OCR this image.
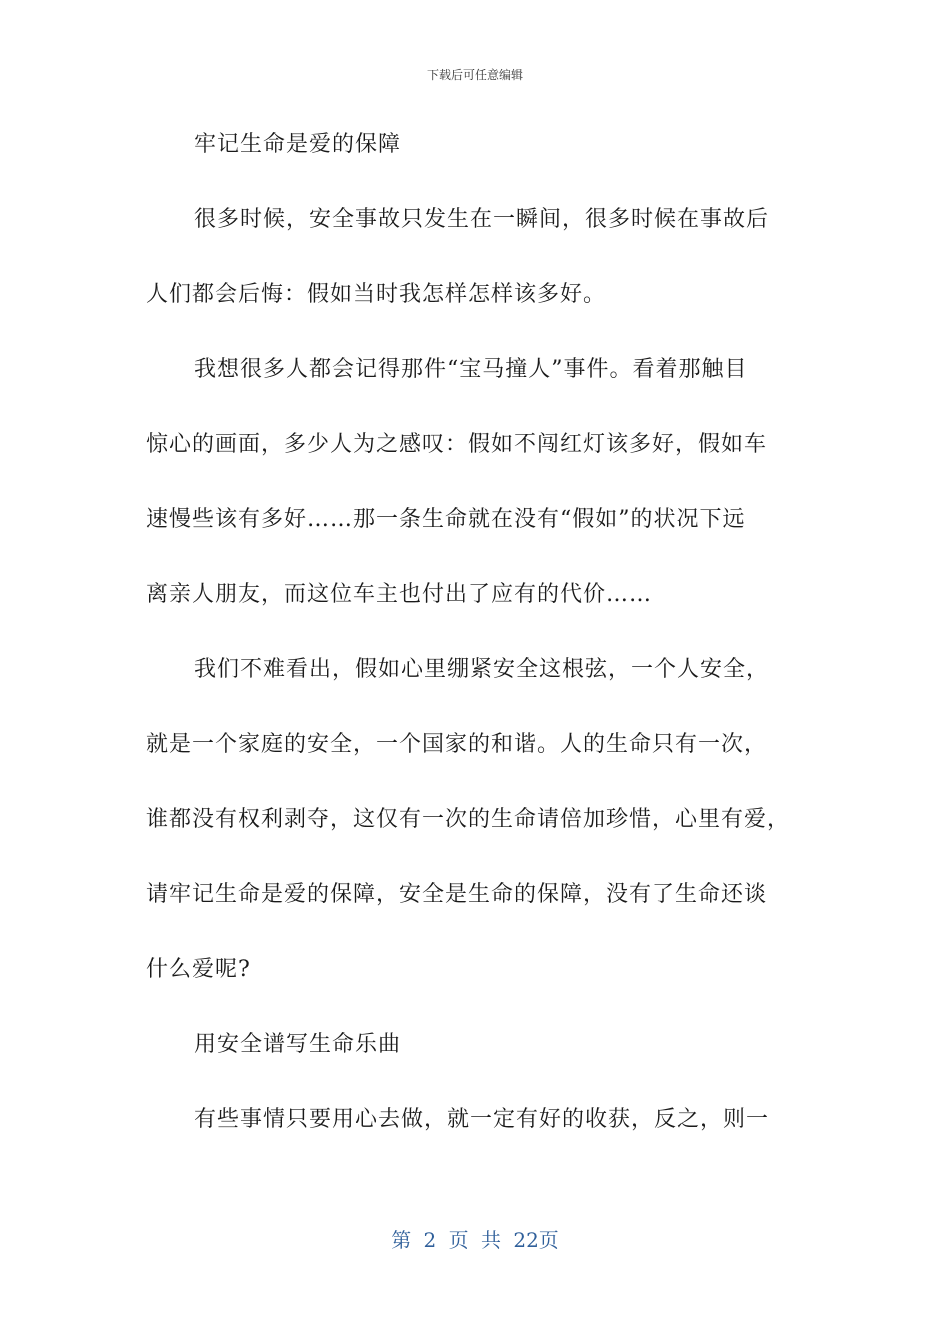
下载后可任意编辑
牢记生命是爱的保障
很多时候，安全事故只发生在一瞬间，很多时候在事故后
人们都会后悔：假如当时我怎样怎样该多好。
我想很多人都会记得那件“宝马撞人”事件。看着那触目
惊心的画面，多少人为之感叹：假如不闯红灯该多好，假如车
速慢些该有多好……那一条生命就在没有“假如”的状况下远
离亲人朋友，而这位车主也付出了应有的代价……
我们不难看出，假如心里绷紧安全这根弦，一个人安全，
就是一个家庭的安全，一个国家的和谐。人的生命只有一次，
谁都没有权利剥夺，这仅有一次的生命请倍加珍惜，心里有爱，
请牢记生命是爱的保障，安全是生命的保障，没有了生命还谈
什么爱呢?
用安全谱写生命乐曲
有些事情只要用心去做，就一定有好的收获，反之，则一
第 2 页 共 22页
